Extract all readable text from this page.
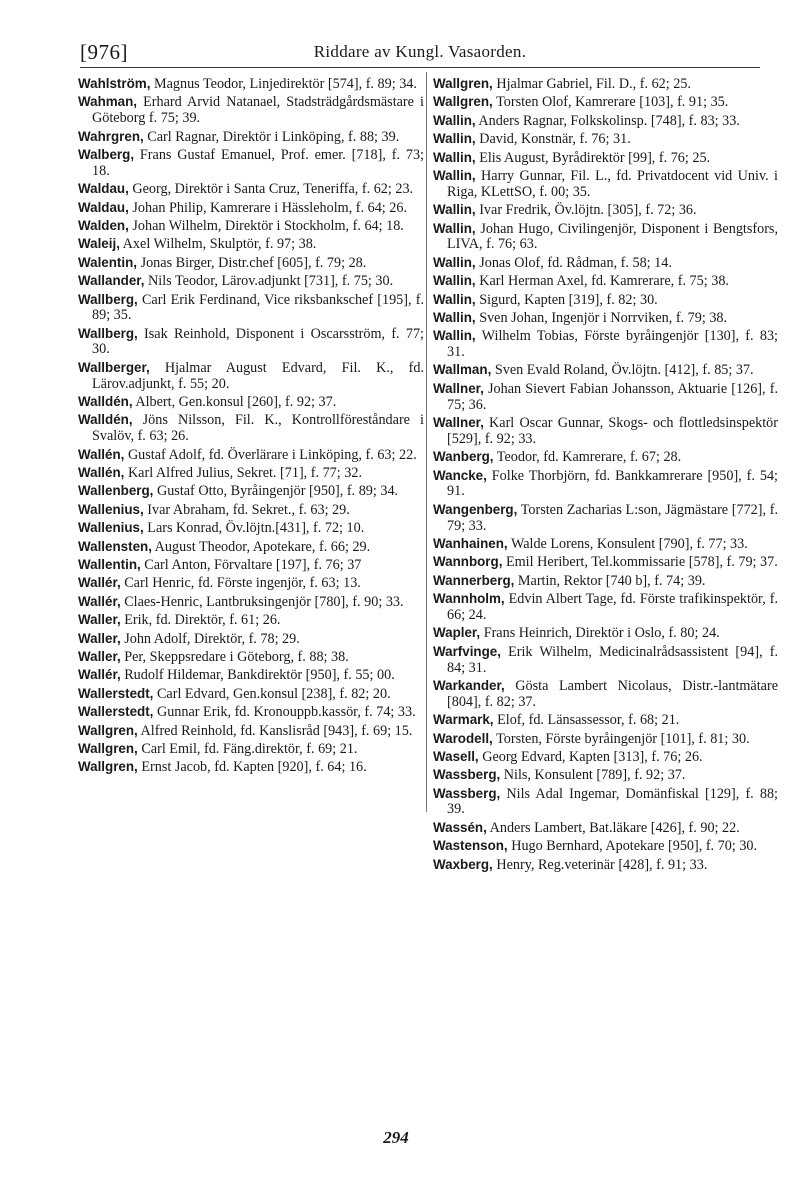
[976]	Riddare av Kungl. Vasaorden.
Wahlström, Magnus Teodor, Linjedirektör [574], f. 89; 34.
Wahman, Erhard Arvid Natanael, Stadsträdgårdsmästare i Göteborg f. 75; 39.
Wahrgren, Carl Ragnar, Direktör i Linköping, f. 88; 39.
Walberg, Frans Gustaf Emanuel, Prof. emer. [718], f. 73; 18.
Waldau, Georg, Direktör i Santa Cruz, Teneriffa, f. 62; 23.
Waldau, Johan Philip, Kamrerare i Hässleholm, f. 64; 26.
Walden, Johan Wilhelm, Direktör i Stockholm, f. 64; 18.
Waleij, Axel Wilhelm, Skulptör, f. 97; 38.
Walentin, Jonas Birger, Distr.chef [605], f. 79; 28.
Wallander, Nils Teodor, Lärov.adjunkt [731], f. 75; 30.
Wallberg, Carl Erik Ferdinand, Vice riksbankschef [195], f. 89; 35.
Wallberg, Isak Reinhold, Disponent i Oscarsström, f. 77; 30.
Wallberger, Hjalmar August Edvard, Fil. K., fd. Lärov.adjunkt, f. 55; 20.
Walldén, Albert, Gen.konsul [260], f. 92; 37.
Walldén, Jöns Nilsson, Fil. K., Kontrollföreståndare i Svalöv, f. 63; 26.
Wallén, Gustaf Adolf, fd. Överlärare i Linköping, f. 63; 22.
Wallén, Karl Alfred Julius, Sekret. [71], f. 77; 32.
Wallenberg, Gustaf Otto, Byråingenjör [950], f. 89; 34.
Wallenius, Ivar Abraham, fd. Sekret., f. 63; 29.
Wallenius, Lars Konrad, Öv.löjtn.[431], f. 72; 10.
Wallensten, August Theodor, Apotekare, f. 66; 29.
Wallentin, Carl Anton, Förvaltare [197], f. 76; 37
Wallér, Carl Henric, fd. Förste ingenjör, f. 63; 13.
Wallér, Claes-Henric, Lantbruksingenjör [780], f. 90; 33.
Waller, Erik, fd. Direktör, f. 61; 26.
Waller, John Adolf, Direktör, f. 78; 29.
Waller, Per, Skeppsredare i Göteborg, f. 88; 38.
Wallér, Rudolf Hildemar, Bankdirektör [950], f. 55; 00.
Wallerstedt, Carl Edvard, Gen.konsul [238], f. 82; 20.
Wallerstedt, Gunnar Erik, fd. Kronouppb.kassör, f. 74; 33.
Wallgren, Alfred Reinhold, fd. Kanslisråd [943], f. 69; 15.
Wallgren, Carl Emil, fd. Fäng.direktör, f. 69; 21.
Wallgren, Ernst Jacob, fd. Kapten [920], f. 64; 16.
Wallgren, Hjalmar Gabriel, Fil. D., f. 62; 25.
Wallgren, Torsten Olof, Kamrerare [103], f. 91; 35.
Wallin, Anders Ragnar, Folkskolinsp. [748], f. 83; 33.
Wallin, David, Konstnär, f. 76; 31.
Wallin, Elis August, Byrådirektör [99], f. 76; 25.
Wallin, Harry Gunnar, Fil. L., fd. Privatdocent vid Univ. i Riga, KLettSO, f. 00; 35.
Wallin, Ivar Fredrik, Öv.löjtn. [305], f. 72; 36.
Wallin, Johan Hugo, Civilingenjör, Disponent i Bengtsfors, LIVA, f. 76; 63.
Wallin, Jonas Olof, fd. Rådman, f. 58; 14.
Wallin, Karl Herman Axel, fd. Kamrerare, f. 75; 38.
Wallin, Sigurd, Kapten [319], f. 82; 30.
Wallin, Sven Johan, Ingenjör i Norrviken, f. 79; 38.
Wallin, Wilhelm Tobias, Förste byråingenjör [130], f. 83; 31.
Wallman, Sven Evald Roland, Öv.löjtn. [412], f. 85; 37.
Wallner, Johan Sievert Fabian Johansson, Aktuarie [126], f. 75; 36.
Wallner, Karl Oscar Gunnar, Skogs- och flottledsinspektör [529], f. 92; 33.
Wanberg, Teodor, fd. Kamrerare, f. 67; 28.
Wancke, Folke Thorbjörn, fd. Bankkamrerare [950], f. 54; 91.
Wangenberg, Torsten Zacharias L:son, Jägmästare [772], f. 79; 33.
Wanhainen, Walde Lorens, Konsulent [790], f. 77; 33.
Wannborg, Emil Heribert, Tel.kommissarie [578], f. 79; 37.
Wannerberg, Martin, Rektor [740 b], f. 74; 39.
Wannholm, Edvin Albert Tage, fd. Förste trafikinspektör, f. 66; 24.
Wapler, Frans Heinrich, Direktör i Oslo, f. 80; 24.
Warfvinge, Erik Wilhelm, Medicinalrådsassistent [94], f. 84; 31.
Warkander, Gösta Lambert Nicolaus, Distr.-lantmätare [804], f. 82; 37.
Warmark, Elof, fd. Länsassessor, f. 68; 21.
Warodell, Torsten, Förste byråingenjör [101], f. 81; 30.
Wasell, Georg Edvard, Kapten [313], f. 76; 26.
Wassberg, Nils, Konsulent [789], f. 92; 37.
Wassberg, Nils Adal Ingemar, Domänfiskal [129], f. 88; 39.
Wassén, Anders Lambert, Bat.läkare [426], f. 90; 22.
Wastenson, Hugo Bernhard, Apotekare [950], f. 70; 30.
Waxberg, Henry, Reg.veterinär [428], f. 91; 33.
294
